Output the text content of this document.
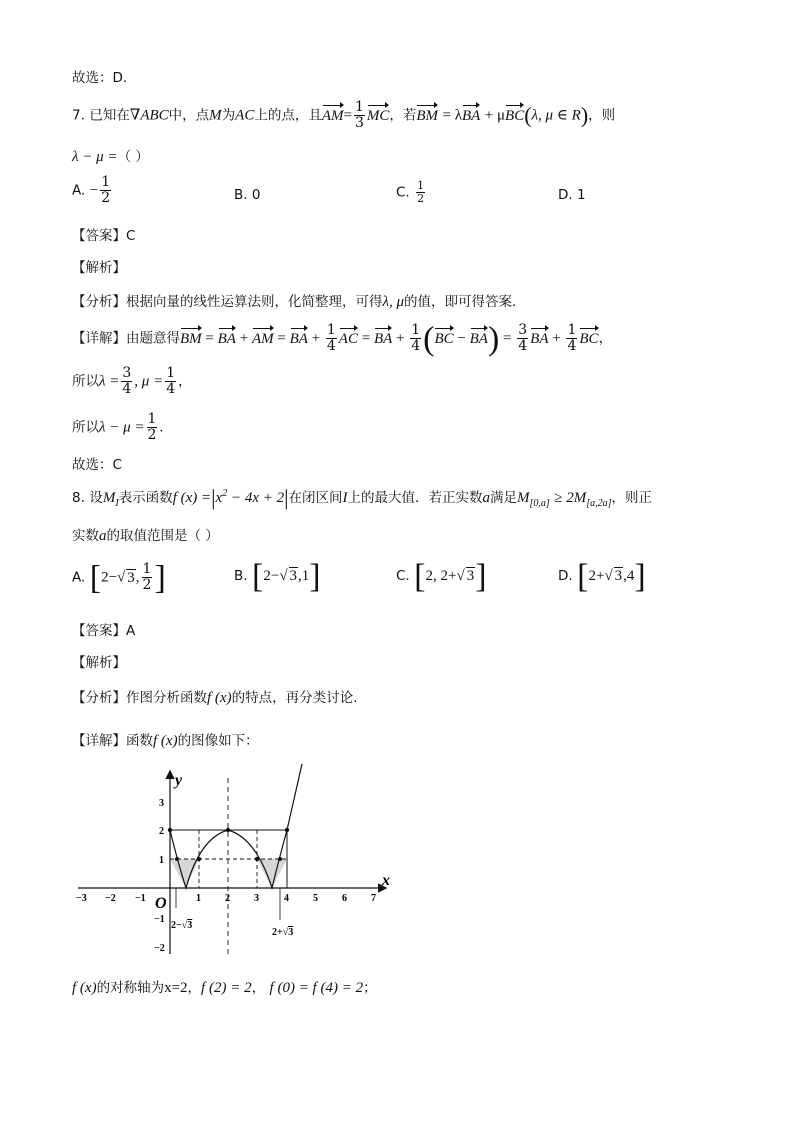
故选：D.
7. 已知在∇ABC中，点M为AC上的点，且$AM= \frac{1}{3}$ MC，若BM = λBA + μBC(λ, μ ∈ R)，则
λ − μ =（ ）
A. − $\frac{1}{2}$	B. 0	C. $\frac{1}{2}$	D. 1
【答案】C
【解析】
【分析】根据向量的线性运算法则，化简整理，可得λ, μ的值，即可得答案.
【详解】由题意得BM = BA + AM = BA + $\frac{1}{4}$ AC = BA + $\frac{1}{4} (BC - BA) = \frac{3}{4}$ BA + $\frac{1}{4}$ BC，
所以$\lambda = \frac{3}{4}$ , $\mu = \frac{1}{4}$ ，
所以$\lambda - \mu = \frac{1}{2}$ .
故选：C
8. 设$M_I$表示函数f $(x) =|x^2 - 4x + 2|$在闭区间I上的最大值．若正实数a满足$M_{[0,a]} \ge 2M_{[a,2a]}$，则正
实数a的取值范围是（ ）
A. [2−√ 3, $\frac{1}{2}$ ]	B. [2−√ 3,1]	C. [2, 2+√ 3]	D. [2+√ 3,4]
【答案】A
【解析】
【分析】作图分析函数f (x)的特点，再分类讨论.
【详解】函数f (x)的图像如下：
x
y
O
−3 −2 −1	1 2 3	4 5 6 7
3
2
1
−1
−2
2−√3
2+√3
f (x)的对称轴为x=2，f (2) = 2， f (0) = f (4) = 2；
